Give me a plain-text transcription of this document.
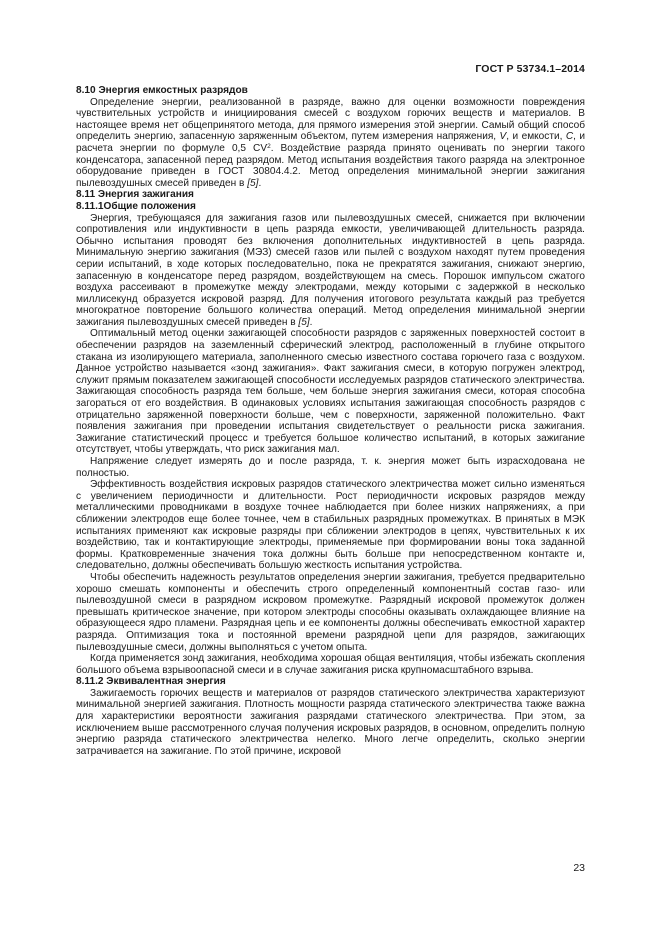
ГОСТ Р 53734.1–2014

8.10 Энергия емкостных разрядов

Определение энергии, реализованной в разряде, важно для оценки возможности повреждения чувствительных устройств и инициирования смесей с воздухом горючих веществ и материалов. В настоящее время нет общепринятого метода, для прямого измерения этой энергии. Самый общий способ определить энергию, запасенную заряженным объектом, путем измерения напряжения, V, и емкости, C, и расчета энергии по формуле 0,5 $CV^2$. Воздействие разряда принято оценивать по энергии такого конденсатора, запасенной перед разрядом. Метод испытания воздействия такого разряда на электронное оборудование приведен в ГОСТ 30804.4.2. Метод определения минимальной энергии зажигания пылевоздушных смесей приведен в [5].

8.11 Энергия зажигания

8.11.1Общие положения

Энергия, требующаяся для зажигания газов или пылевоздушных смесей, снижается при включении сопротивления или индуктивности в цепь разряда емкости, увеличивающей длительность разряда. Обычно испытания проводят без включения дополнительных индуктивностей в цепь разряда. Минимальную энергию зажигания (МЭЗ) смесей газов или пылей с воздухом находят путем проведения серии испытаний, в ходе которых последовательно, пока не прекратятся зажигания, снижают энергию, запасенную в конденсаторе перед разрядом, воздействующем на смесь. Порошок импульсом сжатого воздуха рассеивают в промежутке между электродами, между которыми с задержкой в несколько миллисекунд образуется искровой разряд. Для получения итогового результата каждый раз требуется многократное повторение большого количества операций. Метод определения минимальной энергии зажигания пылевоздушных смесей приведен в [5].

Оптимальный метод оценки зажигающей способности разрядов с заряженных поверхностей состоит в обеспечении разрядов на заземленный сферический электрод, расположенный в глубине открытого стакана из изолирующего материала, заполненного смесью известного состава горючего газа с воздухом. Данное устройство называется «зонд зажигания». Факт зажигания смеси, в которую погружен электрод, служит прямым показателем зажигающей способности исследуемых разрядов статического электричества. Зажигающая способность разряда тем больше, чем больше энергия зажигания смеси, которая способна загораться от его воздействия. В одинаковых условиях испытания зажигающая способность разрядов с отрицательно заряженной поверхности больше, чем с поверхности, заряженной положительно. Факт появления зажигания при проведении испытания свидетельствует о реальности риска зажигания. Зажигание статистический процесс и требуется большое количество испытаний, в которых зажигание отсутствует, чтобы утверждать, что риск зажигания мал.

Напряжение следует измерять до и после разряда, т. к. энергия может быть израсходована не полностью.

Эффективность воздействия искровых разрядов статического электричества может сильно изменяться с увеличением периодичности и длительности. Рост периодичности искровых разрядов между металлическими проводниками в воздухе точнее наблюдается при более низких напряжениях, а при сближении электродов еще более точнее, чем в стабильных разрядных промежутках. В принятых в МЭК испытаниях применяют как искровые разряды при сближении электродов в цепях, чувствительных к их воздействию, так и контактирующие электроды, применяемые при формировании воны тока заданной формы. Кратковременные значения тока должны быть больше при непосредственном контакте и, следовательно, должны обеспечивать большую жесткость испытания устройства.

Чтобы обеспечить надежность результатов определения энергии зажигания, требуется предварительно хорошо смешать компоненты и обеспечить строго определенный компонентный состав газо- или пылевоздушной смеси в разрядном искровом промежутке. Разрядный искровой промежуток должен превышать критическое значение, при котором электроды способны оказывать охлаждающее влияние на образующееся ядро пламени. Разрядная цепь и ее компоненты должны обеспечивать емкостной характер разряда. Оптимизация тока и постоянной времени разрядной цепи для разрядов, зажигающих пылевоздушные смеси, должны выполняться с учетом опыта.

Когда применяется зонд зажигания, необходима хорошая общая вентиляция, чтобы избежать скопления большого объема взрывоопасной смеси и в случае зажигания риска крупномасштабного взрыва.

8.11.2 Эквивалентная энергия

Зажигаемость горючих веществ и материалов от разрядов статического электричества характеризуют минимальной энергией зажигания. Плотность мощности разряда статического электричества также важна для характеристики вероятности зажигания разрядами статического электричества. При этом, за исключением выше рассмотренного случая получения искровых разрядов, в основном, определить полную энергию разряда статического электричества нелегко. Много легче определить, сколько энергии затрачивается на зажигание. По этой причине, искровой

23
